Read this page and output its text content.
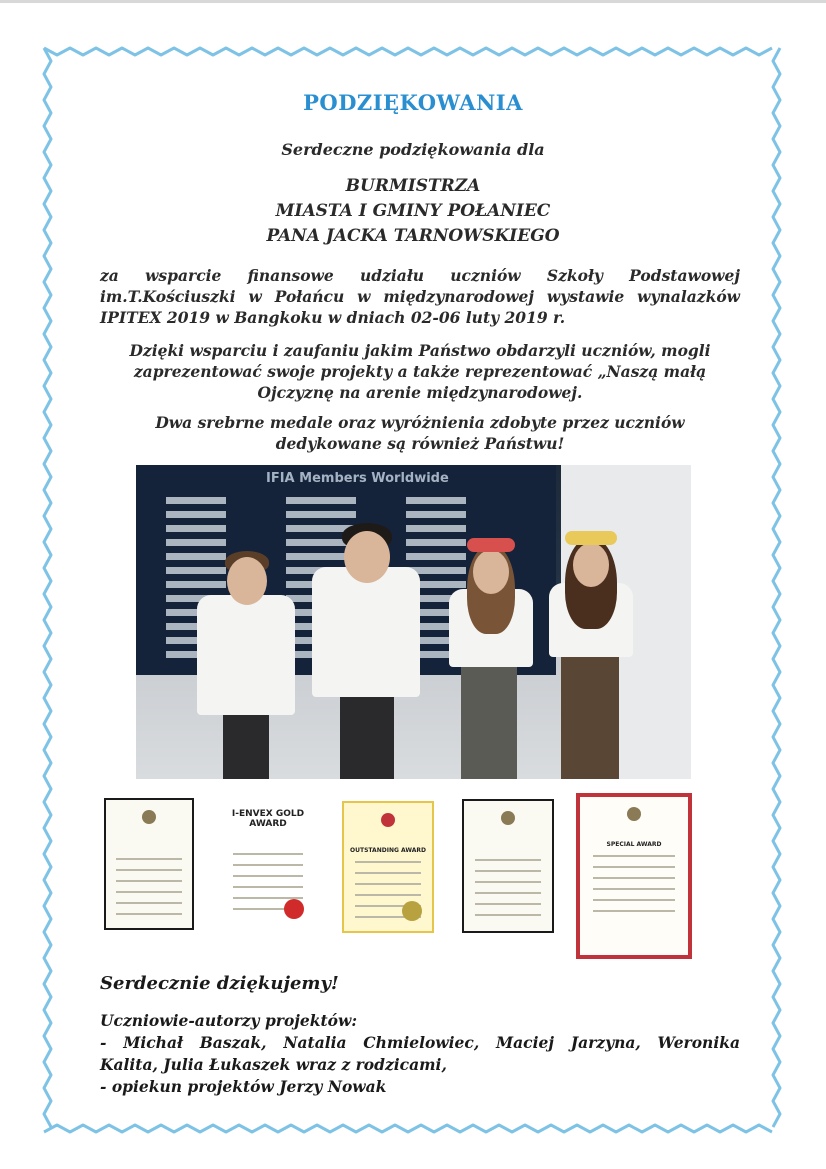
PODZIĘKOWANIA
Serdeczne podziękowania dla
BURMISTRZA
MIASTA I GMINY POŁANIEC
PANA JACKA TARNOWSKIEGO
za wsparcie finansowe udziału uczniów Szkoły Podstawowej im.T.Kościuszki w Połańcu w międzynarodowej wystawie wynalazków IPITEX 2019 w Bangkoku w dniach 02-06 luty 2019 r.
Dzięki wsparciu i zaufaniu jakim Państwo obdarzyli uczniów, mogli zaprezentować swoje projekty a także reprezentować „Naszą małą Ojczyznę na arenie międzynarodowej.
Dwa srebrne medale oraz wyróżnienia zdobyte przez uczniów dedykowane są również Państwu!
IFIA Members Worldwide
I-ENVEX GOLD AWARD
OUTSTANDING AWARD
SPECIAL AWARD
Serdecznie dziękujemy!
Uczniowie-autorzy projektów:
- Michał Baszak, Natalia Chmielowiec, Maciej Jarzyna, Weronika
Kalita, Julia Łukaszek wraz z rodzicami,
- opiekun projektów Jerzy Nowak
